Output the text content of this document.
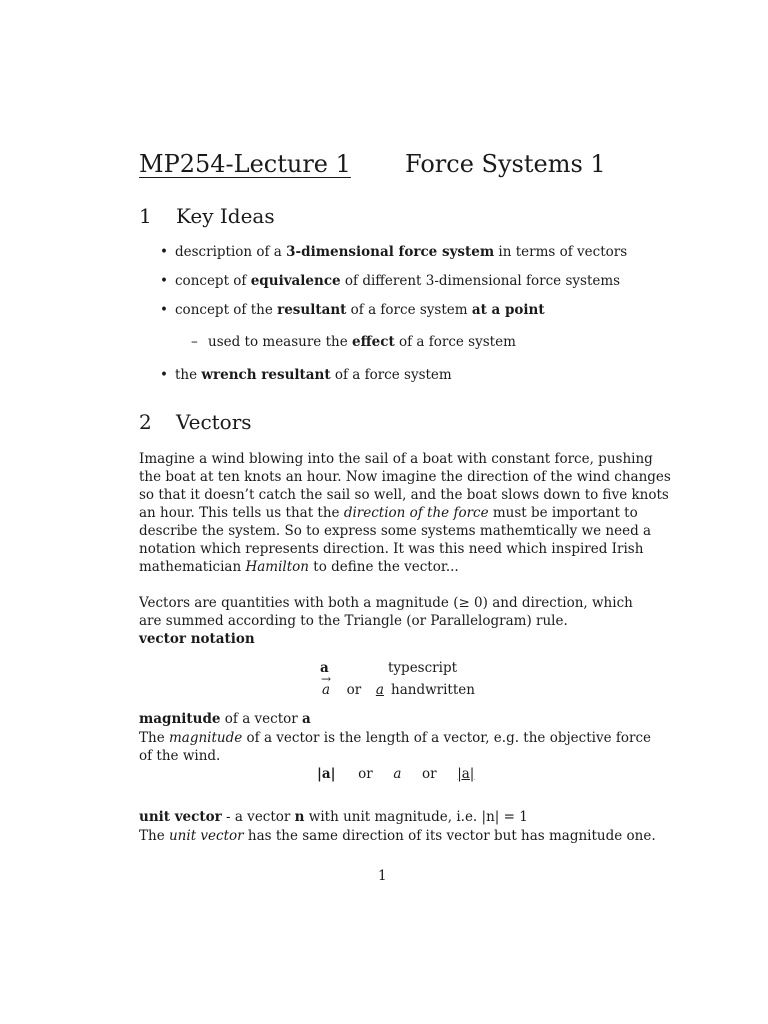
MP254-Lecture 1 Force Systems 1
1 Key Ideas
• description of a 3-dimensional force system in terms of vectors
• concept of equivalence of different 3-dimensional force systems
• concept of the resultant of a force system at a point
– used to measure the effect of a force system
• the wrench resultant of a force system
2 Vectors
Imagine a wind blowing into the sail of a boat with constant force, pushing
the boat at ten knots an hour. Now imagine the direction of the wind changes
so that it doesn’t catch the sail so well, and the boat slows down to five knots
an hour. This tells us that the direction of the force must be important to
describe the system. So to express some systems mathemtically we need a
notation which represents direction. It was this need which inspired Irish
mathematician Hamilton to define the vector...
Vectors are quantities with both a magnitude (≥ 0) and direction, which
are summed according to the Triangle (or Parallelogram) rule.
vector notation
a	typescript
→ a or a handwritten
magnitude of a vector a
The magnitude of a vector is the length of a vector, e.g. the objective force
of the wind.
|a| or a or |a|
unit vector - a vector n with unit magnitude, i.e. |n| = 1
The unit vector has the same direction of its vector but has magnitude one.
1
